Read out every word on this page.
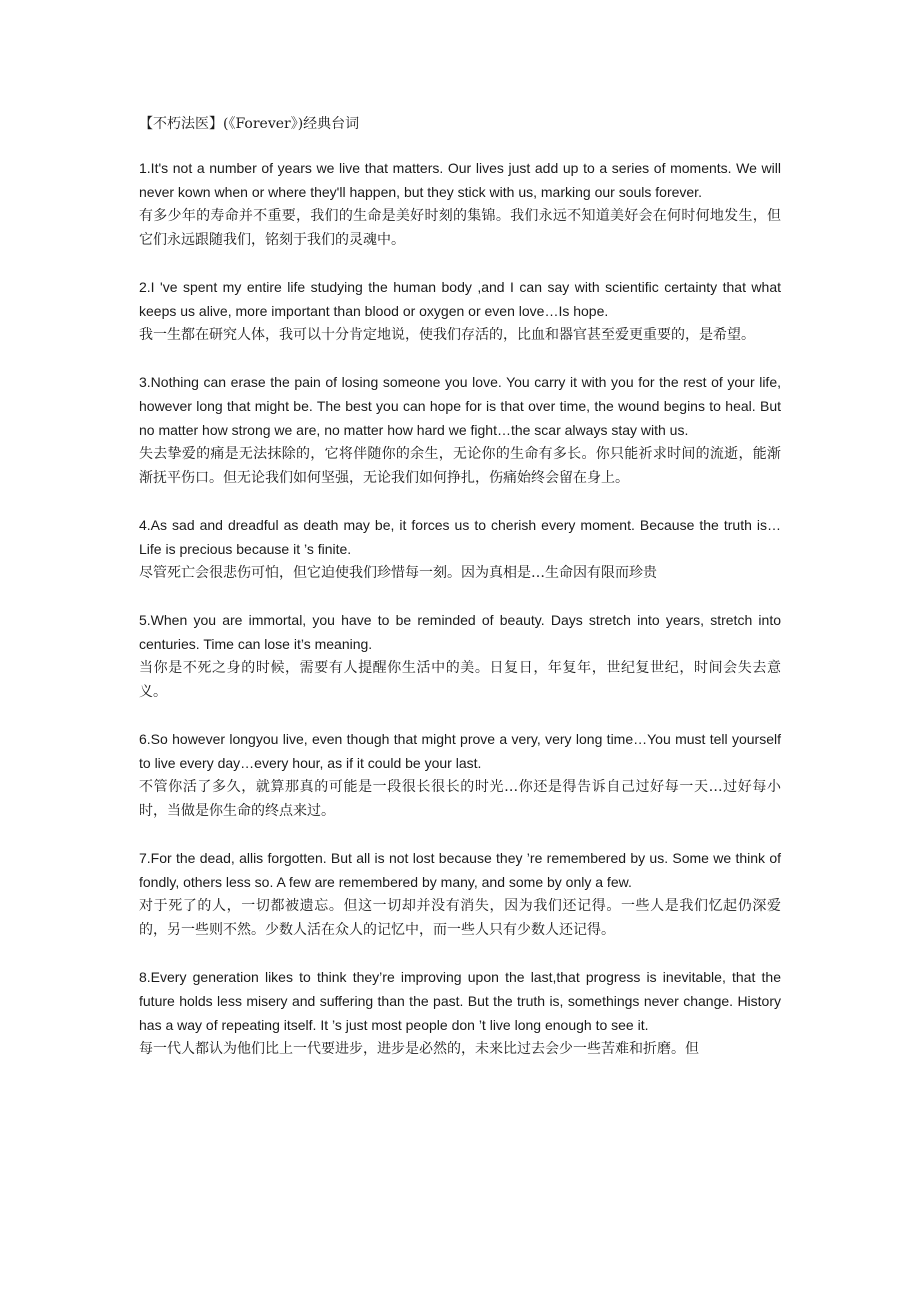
【不朽法医】(《Forever》)经典台词

1.It's not a number of years we live that matters. Our lives just add up to a series of moments. We will never kown when or where they'll happen, but they stick with us, marking our souls forever.

有多少年的寿命并不重要，我们的生命是美好时刻的集锦。我们永远不知道美好会在何时何地发生，但它们永远跟随我们，铭刻于我们的灵魂中。

2.I 've spent my entire life studying the human body ,and I can say with scientific certainty that what keeps us alive, more important than blood or oxygen or even love…Is hope.

我一生都在研究人体，我可以十分肯定地说，使我们存活的，比血和器官甚至爱更重要的，是希望。

3.Nothing can erase the pain of losing someone you love. You carry it with you for the rest of your life, however long that might be. The best you can hope for is that over time, the wound begins to heal. But no matter how strong we are, no matter how hard we fight…the scar always stay with us.

失去挚爱的痛是无法抹除的，它将伴随你的余生，无论你的生命有多长。你只能祈求时间的流逝，能渐渐抚平伤口。但无论我们如何坚强，无论我们如何挣扎，伤痛始终会留在身上。

4.As sad and dreadful as death may be, it forces us to cherish every moment. Because the truth is…Life is precious because it ’s finite.

尽管死亡会很悲伤可怕，但它迫使我们珍惜每一刻。因为真相是…生命因有限而珍贵

5.When you are immortal, you have to be reminded of beauty. Days stretch into years, stretch into centuries. Time can lose it’s meaning.

当你是不死之身的时候，需要有人提醒你生活中的美。日复日，年复年，世纪复世纪，时间会失去意义。

6.So however longyou live, even though that might prove a very, very long time…You must tell yourself to live every day…every hour, as if it could be your last.

不管你活了多久，就算那真的可能是一段很长很长的时光…你还是得告诉自己过好每一天…过好每小时，当做是你生命的终点来过。

7.For the dead, allis forgotten. But all is not lost because they ’re remembered by us. Some we think of fondly, others less so. A few are remembered by many, and some by only a few.

对于死了的人，一切都被遗忘。但这一切却并没有消失，因为我们还记得。一些人是我们忆起仍深爱的，另一些则不然。少数人活在众人的记忆中，而一些人只有少数人还记得。

8.Every generation likes to think they’re improving upon the last,that progress is inevitable, that the future holds less misery and suffering than the past. But the truth is, somethings never change. History has a way of repeating itself. It ’s just most people don ’t live long enough to see it.

每一代人都认为他们比上一代要进步，进步是必然的，未来比过去会少一些苦难和折磨。但
